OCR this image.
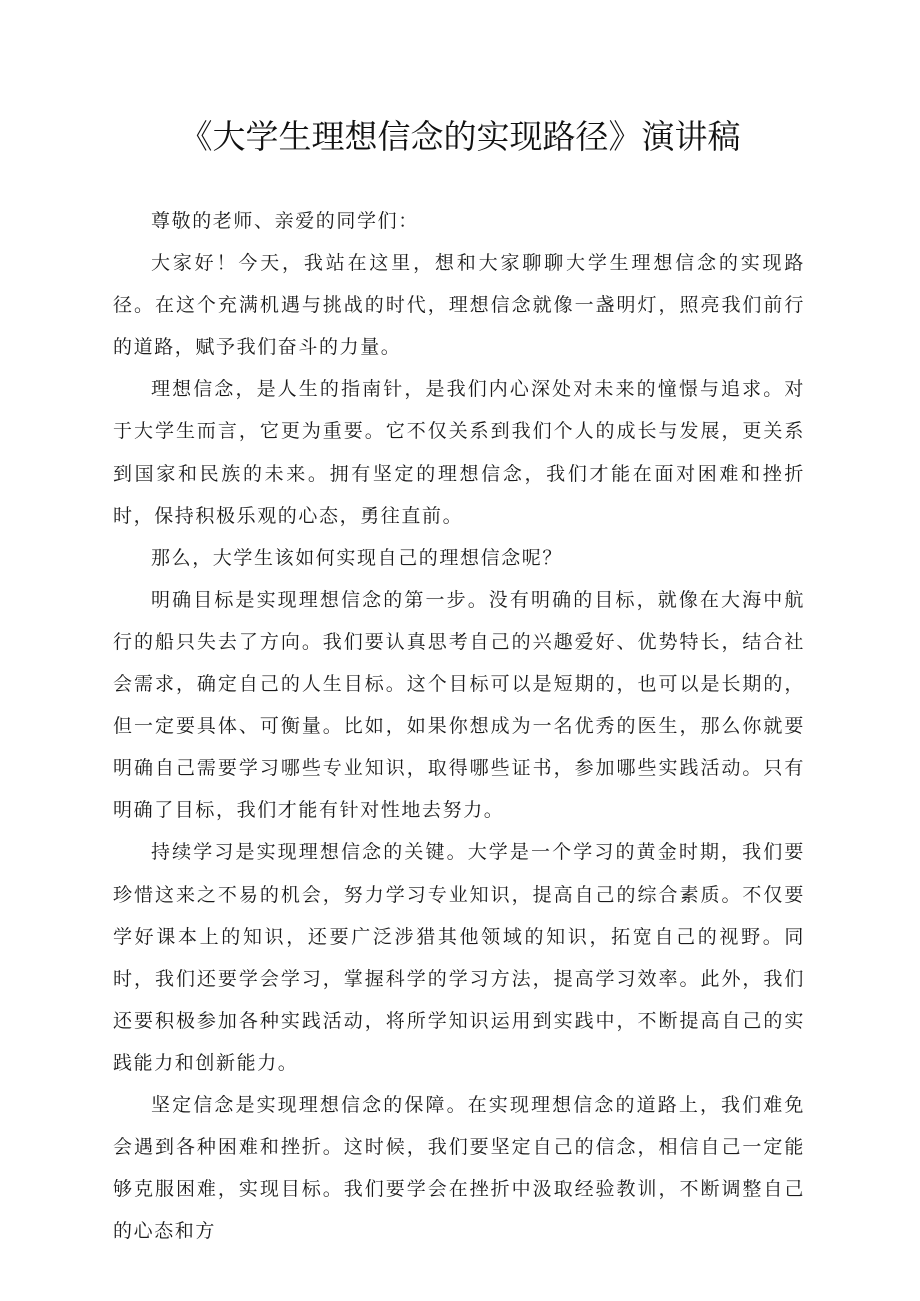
《大学生理想信念的实现路径》演讲稿

尊敬的老师、亲爱的同学们：

大家好！今天，我站在这里，想和大家聊聊大学生理想信念的实现路径。在这个充满机遇与挑战的时代，理想信念就像一盏明灯，照亮我们前行的道路，赋予我们奋斗的力量。

理想信念，是人生的指南针，是我们内心深处对未来的憧憬与追求。对于大学生而言，它更为重要。它不仅关系到我们个人的成长与发展，更关系到国家和民族的未来。拥有坚定的理想信念，我们才能在面对困难和挫折时，保持积极乐观的心态，勇往直前。

那么，大学生该如何实现自己的理想信念呢？

明确目标是实现理想信念的第一步。没有明确的目标，就像在大海中航行的船只失去了方向。我们要认真思考自己的兴趣爱好、优势特长，结合社会需求，确定自己的人生目标。这个目标可以是短期的，也可以是长期的，但一定要具体、可衡量。比如，如果你想成为一名优秀的医生，那么你就要明确自己需要学习哪些专业知识，取得哪些证书，参加哪些实践活动。只有明确了目标，我们才能有针对性地去努力。

持续学习是实现理想信念的关键。大学是一个学习的黄金时期，我们要珍惜这来之不易的机会，努力学习专业知识，提高自己的综合素质。不仅要学好课本上的知识，还要广泛涉猎其他领域的知识，拓宽自己的视野。同时，我们还要学会学习，掌握科学的学习方法，提高学习效率。此外，我们还要积极参加各种实践活动，将所学知识运用到实践中，不断提高自己的实践能力和创新能力。

坚定信念是实现理想信念的保障。在实现理想信念的道路上，我们难免会遇到各种困难和挫折。这时候，我们要坚定自己的信念，相信自己一定能够克服困难，实现目标。我们要学会在挫折中汲取经验教训，不断调整自己的心态和方
